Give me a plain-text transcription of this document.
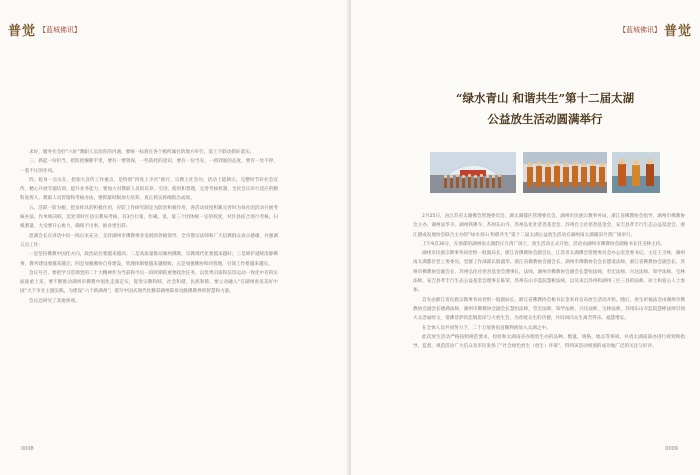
普觉 【蓝城佛讯】

求好，服务社会好“六好”教职人员培育的内涵，要统一标准在各个梢所属社的地方举行，第上下联动抓好落实。

三、抓起一份担当，把防控缠断手里，要有一要资保，一些防控的意识，要有一份当先，一抓到底的态度，要有一处不停，一着不让的作风。

四、抢身一点关在，把加大宣传工作重点，是特别“四进上寺宫”推行，宗教上社会功，活动上能耕示，完整时节好社会宣传，精心开展专题培训、提升业务能力，要加大对教职人员的培养、引进、使用和督理，完善考核机制，全民会议举行适应的精科发挥人、教职人员管辖和考核办法，要抓紧时限加大培养，真正抓实抓细抓出成效。

五、活跃一防为根，把发挥具的积极作用，存防工作研究制定为防治积极作用，各活动效度积累完善时为每社团活动开展考核办法，作单统决联，沉处邻时区县宗教局考核，有3台行案，作确，退，案三个团体统一定的权度，对区县结合进行考核，扫根割量，大受要开心协力，确保不出事，推业更出彩。

恩满会长在讲话中向一线后来充分，支持湖州市佛教事业发展的各级领导、全市僧宗法师和广大信教群众表示感谢，并强调五点工作：

一是坚持佛教中国化方向，政治站位要越来越高；二是高质量推动湖州佛教，宗教现代化要越来越好；三是缔护道统清静佛事，教务建设要越来越正；四是加强佛协自身建设，管理体制要越来越细致；五是加强佛协和同管理，引领工作要越来越实。

会议号召，要把学习贯彻党的二十大精神作为当前和今后一段时期的重要政治任务，以优秀宗质和信印运动一致化中有的实面面重上来，要不断推动湖州市佛教中国化走深走实，促进宗教和睦，社会和谐，民族和睦，要立动融入“在湖州看见美好中国”大于争先主题实践，为建设“六个新湖州”，谱写中国式现代化精彩湖州篇章贡献佛教界的智慧和力量。

会议还研究了其他事项。

0008
【蓝城佛讯】 普觉
“绿水青山 和谐共生”第十二届太湖
公益放生活动圆满举行

2月25日，由江苏省太湖佛会管理委员会、湖太湖都区管理委员会、湖州市民族宗教事务局、浙江省佛教协会指导，湖州市佛教协会主办，湖州法华寺、湖州铁佛寺、苏州东山寺、苏州弘化社慈善基金会、苏州自立社慈善基金会、安吉县孝丰行生态公益基金会、浙江德成发展协会联合主办的“绿水青山 和谐共生”第十二届太湖公益放生活动在湖州南太湖湖旧月湾广场举行。

上午9点30分，在浓郁的湖州南太湖韵庄月湾广场上，放生活动正式开始，活动由湖州市佛教协会副秘书长任圣林主持。

湖州市民族宗教事务局党组一般副局长，浙江省佛教协会副会长，江苏省太湖佛会管理委员会办公室党委书记，主任王卫林，湖州南太湖都区党工委委员，党群工作部部长殷淑华，浙江省佛教协会副会长，湖州市佛教协会会长德道法师，浙江省佛教协会副会长，苏州市佛教协会副会长，苏州弘化社慈善基金会理事长，法师，湖州市佛教协会副会长慧恒法师，劳宏法师，兴达法师、知学法师，宝林法师，安吉县孝丰行生态公益基金会理事长陈荣，苏州东山寺监院慧彬法师，以及来自苏州和湖州三区三县的法师、居士和爱心人士参加。

首先由浙江省民族宗教事务局党组一般副局长，浙江省佛教协会秘书长金来祥宣布放生活动开始。随后，放生祈福法会由湖州市佛教协会副会长德满法师，湖州市佛教协会副会长慧恒法师，劳宏法师，知学法师，兴达法师，宝林法师，苏州东山寺监院慧彬法师引领大众念诵经文，诸佛菩萨的悲悯恩泽与大放生会，为普渡众生的功德，共同回向众生离苦得乐，福慧增长。

在全体人员共同努力下，二十万尾鲁鱼苗顺利被放入太湖之中。

此次放生活动严格按照规范要求，检验和太湖南省办理放生办的品种、数量、规格、地点等事项，并请太湖南部办进行规划和指导，监督，规范活动广大信众及市民发扬了“社会绿色放生（放生）环保”，得到该活动规划的成功地广泛的关注与好评。

0009
